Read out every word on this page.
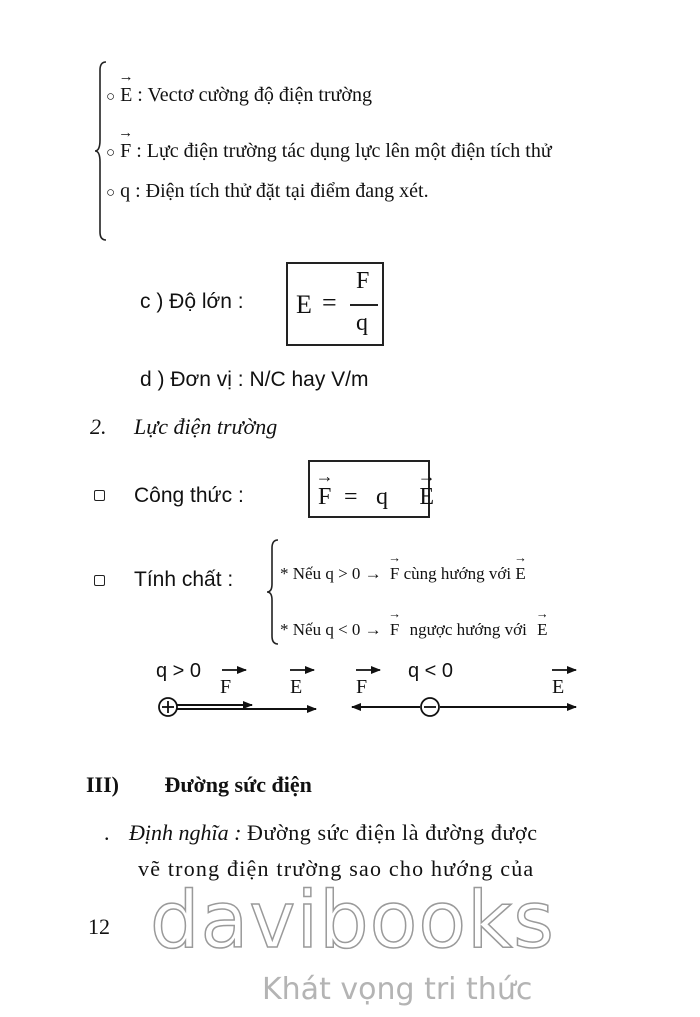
○ → E : Vectơ cường độ điện trường
○ → F : Lực điện trường tác dụng lực lên một điện tích thử
○ q : Điện tích thử đặt tại điểm đang xét.
c ) Độ lớn : E =
F
q
d ) Đơn vị : N/C hay V/m
2. Lực điện trường
Công thức :	→ F = q → E
Tính chất :	* Nếu q > 0 → → F cùng hướng với → E
* Nếu q < 0 → → F ngược hướng với → E
q > 0
F	E	F
q < 0
E
III) Đường sức điện
. Định nghĩa : Đường sức điện là đường được
vẽ trong điện trường sao cho hướng của
12 davibooks
Khát vọng tri thức
